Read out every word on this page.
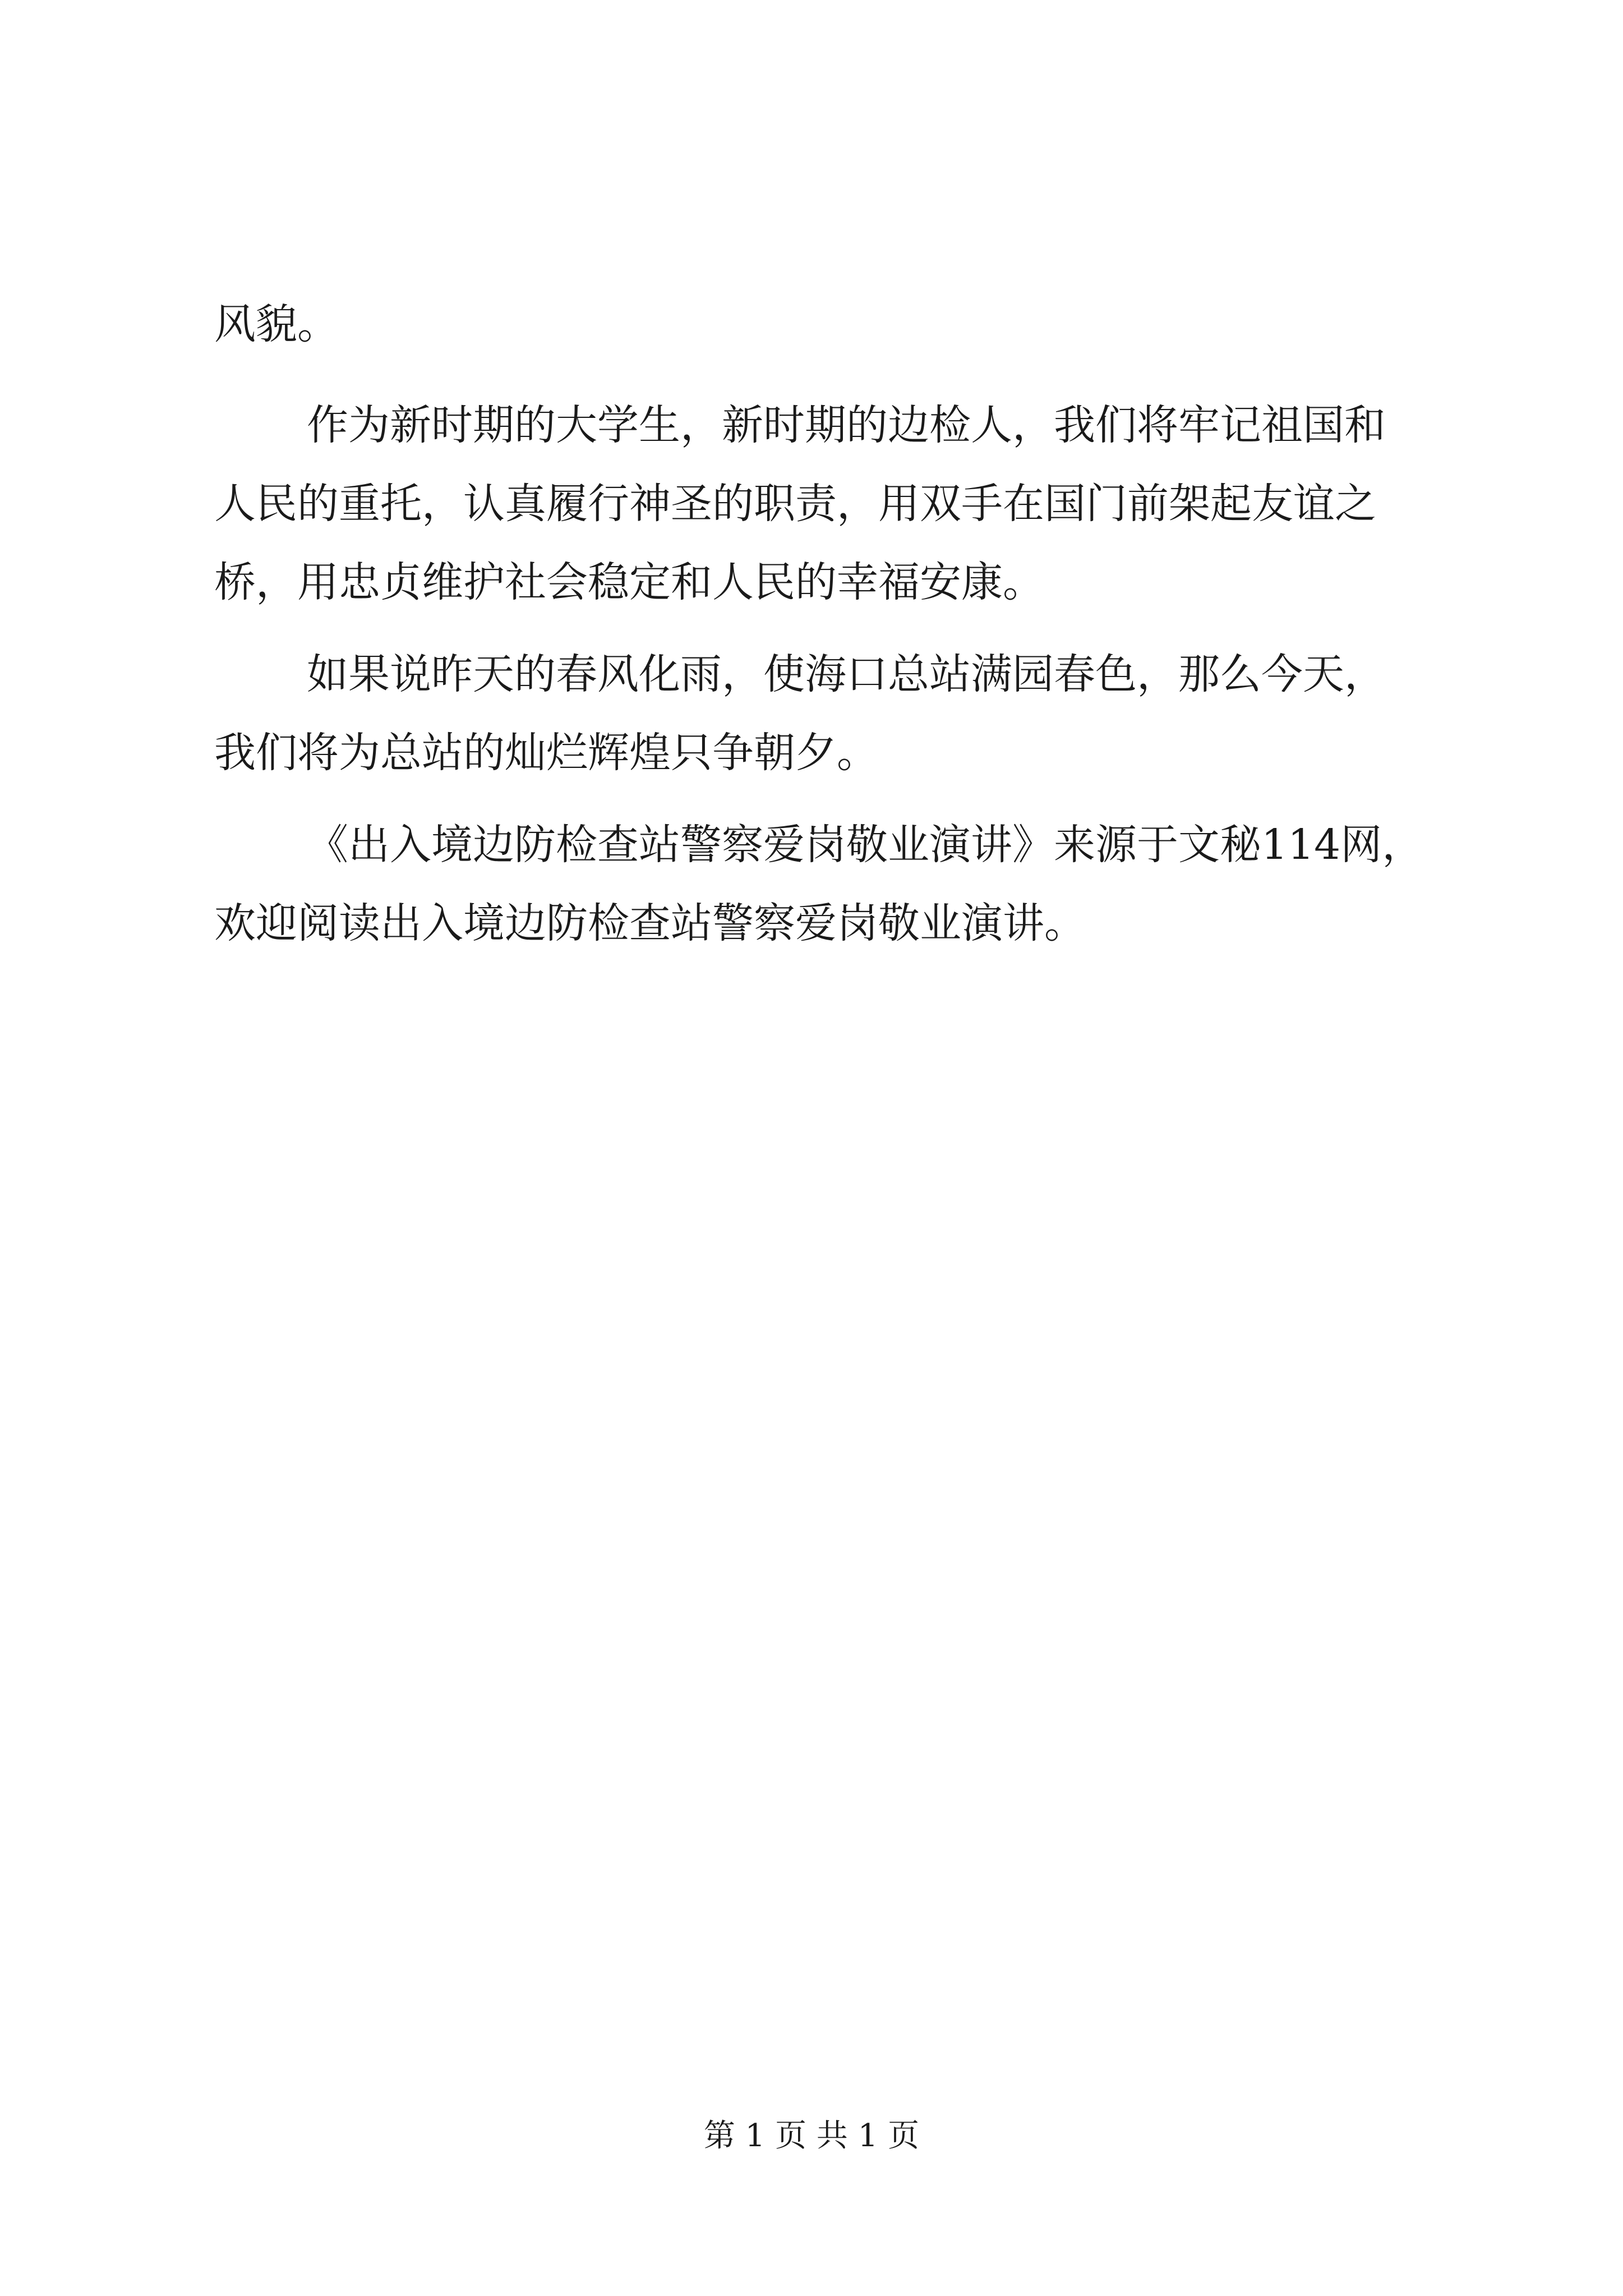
风貌。
作为新时期的大学生，新时期的边检人，我们将牢记祖国和
人民的重托，认真履行神圣的职责，用双手在国门前架起友谊之
桥，用忠贞维护社会稳定和人民的幸福安康。
如果说昨天的春风化雨，使海口总站满园春色，那么今天，
我们将为总站的灿烂辉煌只争朝夕。
《出入境边防检查站警察爱岗敬业演讲》来源于文秘114网，
欢迎阅读出入境边防检查站警察爱岗敬业演讲。
第 1 页 共 1 页
